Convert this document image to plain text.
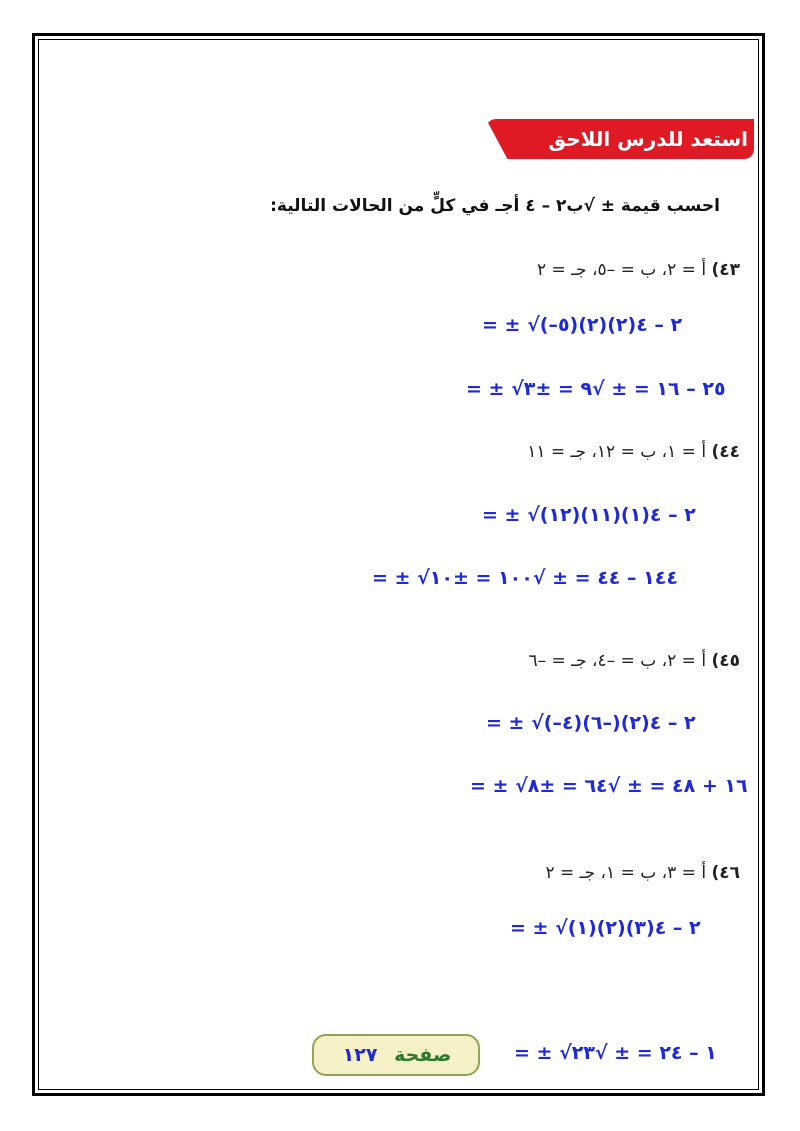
استعد للدرس اللاحق
احسب قيمة ± √ب٢ – ٤ أجـ في كلٍّ من الحالات التالية:
٤٣) أ = ٢، ب = –٥، جـ = ٢
= ± √(–٥)٢ – ٤(٢)(٢)
= ± √٢٥ – ١٦ = ± √٩ = ±٣
٤٤) أ = ١، ب = ١٢، جـ = ١١
= ± √(١٢)٢ – ٤(١)(١١)
= ± √١٤٤ – ٤٤ = ± √١٠٠ = ±١٠
٤٥) أ = ٢، ب = –٤، جـ = –٦
= ± √(–٤)٢ – ٤(٢)(–٦)
= ± √١٦ + ٤٨ = ± √٦٤ = ±٨
٤٦) أ = ٣، ب = ١، جـ = ٢
= ± √(١)٢ – ٤(٣)(٢)
= ± √١ – ٢٤ = ± √٢٣
صفحة ١٢٧
